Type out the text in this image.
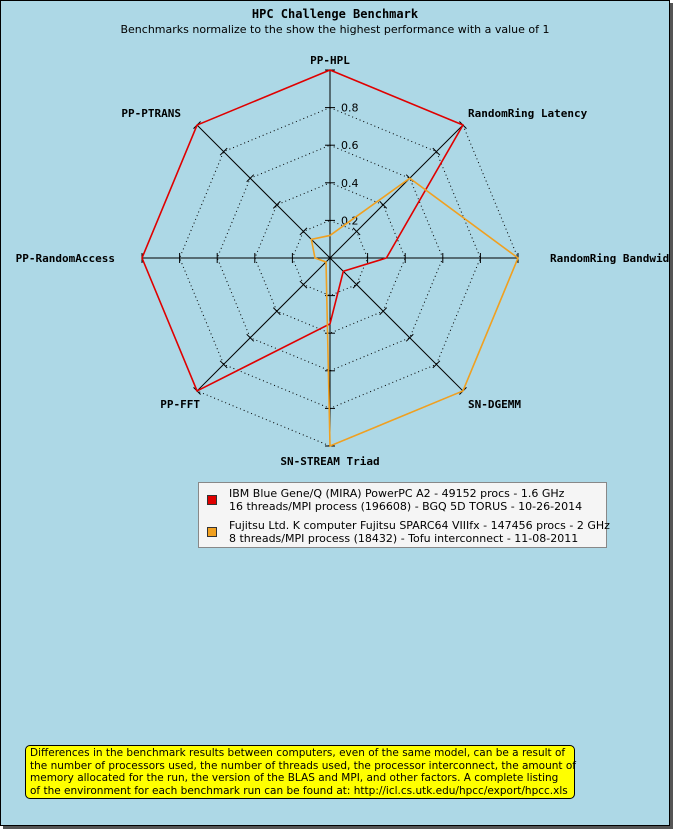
HPC Challenge Benchmark
Benchmarks normalize to the show the highest performance with a value of 1
0.2
0.4
0.6
0.8
PP-HPL
RandomRing Latency
RandomRing Bandwid
SN-DGEMM
SN-STREAM Triad
PP-FFT
PP-RandomAccess
PP-PTRANS
IBM Blue Gene/Q (MIRA) PowerPC A2 - 49152 procs - 1.6 GHz
16 threads/MPI process (196608) - BGQ 5D TORUS - 10-26-2014
Fujitsu Ltd. K computer Fujitsu SPARC64 VIIIfx - 147456 procs - 2 GHz
8 threads/MPI process (18432) - Tofu interconnect - 11-08-2011
Differences in the benchmark results between computers, even of the same model, can be a result of
the number of processors used, the number of threads used, the processor interconnect, the amount of
memory allocated for the run, the version of the BLAS and MPI, and other factors. A complete listing
of the environment for each benchmark run can be found at: http://icl.cs.utk.edu/hpcc/export/hpcc.xls
